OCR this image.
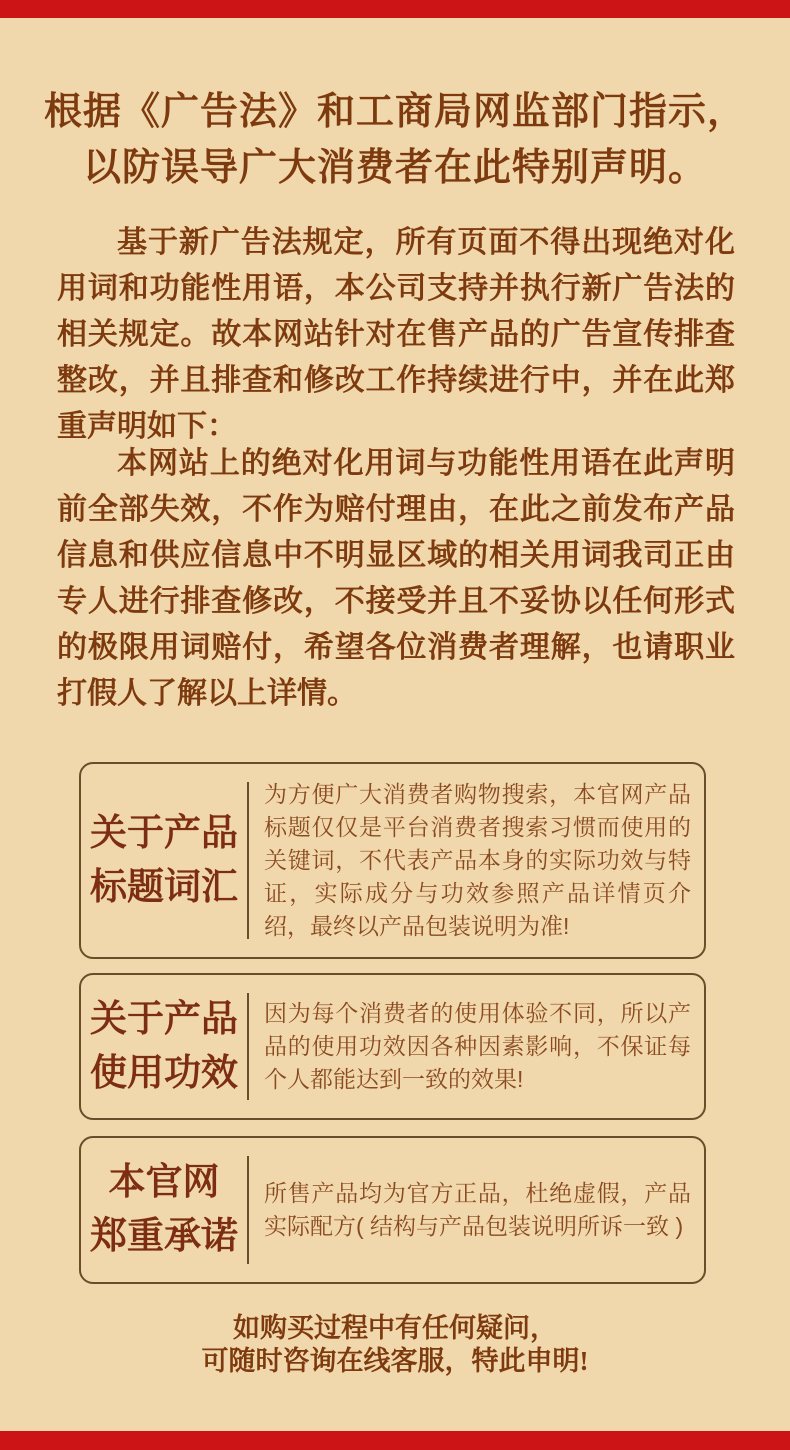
根据《广告法》和工商局网监部门指示，
以防误导广大消费者在此特别声明。

基于新广告法规定，所有页面不得出现绝对化用词和功能性用语，本公司支持并执行新广告法的相关规定。故本网站针对在售产品的广告宣传排查整改，并且排查和修改工作持续进行中，并在此郑重声明如下：

本网站上的绝对化用词与功能性用语在此声明前全部失效，不作为赔付理由，在此之前发布产品信息和供应信息中不明显区域的相关用词我司正由专人进行排查修改，不接受并且不妥协以任何形式的极限用词赔付，希望各位消费者理解，也请职业打假人了解以上详情。

关于产品
标题词汇

为方便广大消费者购物搜索，本官网产品标题仅仅是平台消费者搜索习惯而使用的关键词，不代表产品本身的实际功效与特证，实际成分与功效参照产品详情页介绍，最终以产品包装说明为准!

关于产品
使用功效

因为每个消费者的使用体验不同，所以产品的使用功效因各种因素影响，不保证每个人都能达到一致的效果!

本官网
郑重承诺

所售产品均为官方正品，杜绝虚假，产品实际配方( 结构与产品包装说明所诉一致 )

如购买过程中有任何疑问，
可随时咨询在线客服，特此申明!
